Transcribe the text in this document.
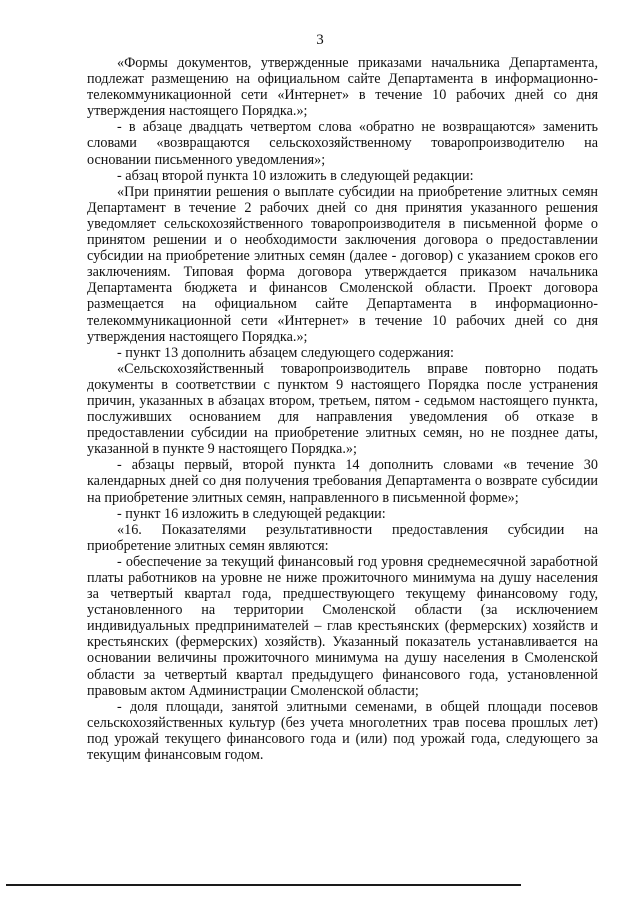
3

«Формы документов, утвержденные приказами начальника Департамента, подлежат размещению на официальном сайте Департамента в информационно-телекоммуникационной сети «Интернет» в течение 10 рабочих дней со дня утверждения настоящего Порядка.»;

- в абзаце двадцать четвертом слова «обратно не возвращаются» заменить словами «возвращаются сельскохозяйственному товаропроизводителю на основании письменного уведомления»;

- абзац второй пункта 10 изложить в следующей редакции:

«При принятии решения о выплате субсидии на приобретение элитных семян Департамент в течение 2 рабочих дней со дня принятия указанного решения уведомляет сельскохозяйственного товаропроизводителя в письменной форме о принятом решении и о необходимости заключения договора о предоставлении субсидии на приобретение элитных семян (далее - договор) с указанием сроков его заключениям. Типовая форма договора утверждается приказом начальника Департамента бюджета и финансов Смоленской области. Проект договора размещается на официальном сайте Департамента в информационно-телекоммуникационной сети «Интернет» в течение 10 рабочих дней со дня утверждения настоящего Порядка.»;

- пункт 13 дополнить абзацем следующего содержания:

«Сельскохозяйственный товаропроизводитель вправе повторно подать документы в соответствии с пунктом 9 настоящего Порядка после устранения причин, указанных в абзацах втором, третьем, пятом - седьмом настоящего пункта, послуживших основанием для направления уведомления об отказе в предоставлении субсидии на приобретение элитных семян, но не позднее даты, указанной в пункте 9 настоящего Порядка.»;

- абзацы первый, второй пункта 14 дополнить словами «в течение 30 календарных дней со дня получения требования Департамента о возврате субсидии на приобретение элитных семян, направленного в письменной форме»;

- пункт 16 изложить в следующей редакции:

«16. Показателями результативности предоставления субсидии на приобретение элитных семян являются:

- обеспечение за текущий финансовый год уровня среднемесячной заработной платы работников на уровне не ниже прожиточного минимума на душу населения за четвертый квартал года, предшествующего текущему финансовому году, установленного на территории Смоленской области (за исключением индивидуальных предпринимателей – глав крестьянских (фермерских) хозяйств и крестьянских (фермерских) хозяйств). Указанный показатель устанавливается на основании величины прожиточного минимума на душу населения в Смоленской области за четвертый квартал предыдущего финансового года, установленной правовым актом Администрации Смоленской области;

- доля площади, занятой элитными семенами, в общей площади посевов сельскохозяйственных культур (без учета многолетних трав посева прошлых лет) под урожай текущего финансового года и (или) под урожай года, следующего за текущим финансовым годом.
